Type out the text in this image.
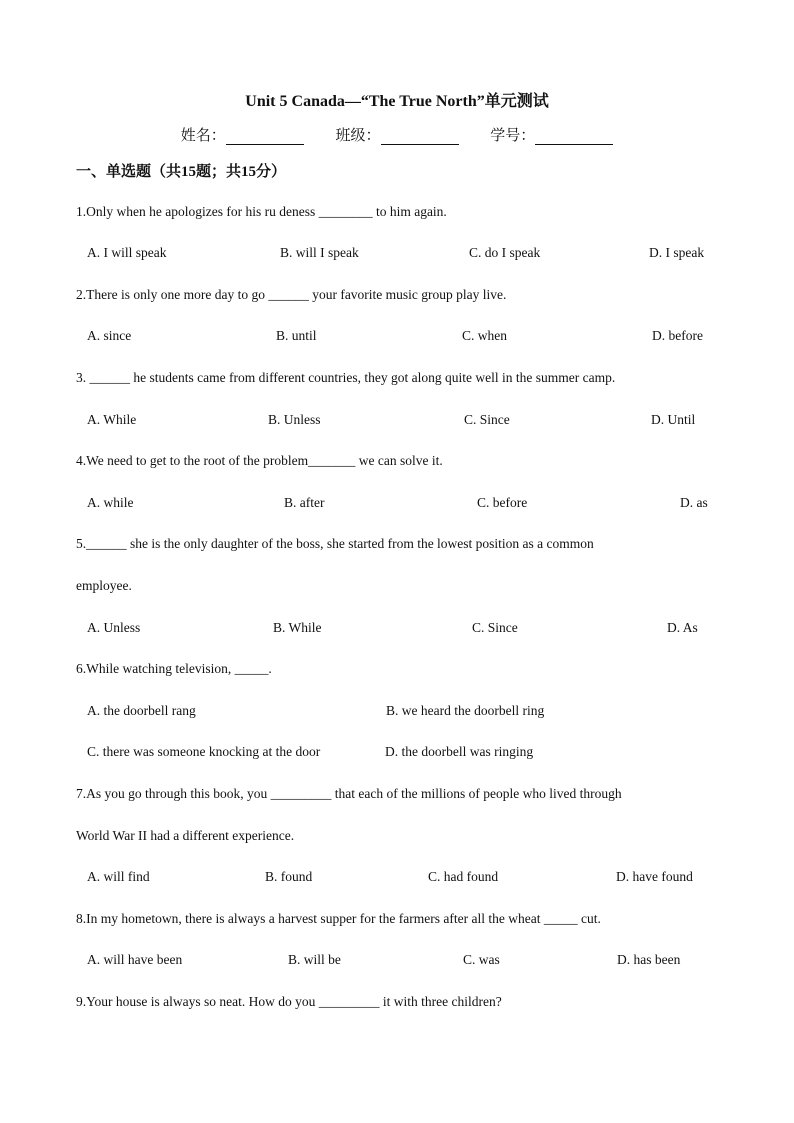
Unit 5 Canada—“The True North”单元测试
姓名：	班级：	学号：
一、单选题（共15题；共15分）
1.Only when he apologizes for his ru deness ________ to him again.
A. I will speak	B. will I speak	C. do I speak	D. I speak
2.There is only one more day to go ______ your favorite music group play live.
A. since	B. until	C. when	D. before
3. ______ he students came from different countries, they got along quite well in the summer camp.
A. While	B. Unless	C. Since	D. Until
4.We need to get to the root of the problem_______ we can solve it.
A. while	B. after	C. before	D. as
5.______ she is the only daughter of the boss, she started from the lowest position as a common
employee.
A. Unless	B. While	C. Since	D. As
6.While watching television, _____.
A. the doorbell rang	B. we heard the doorbell ring
C. there was someone knocking at the door	D. the doorbell was ringing
7.As you go through this book, you _________ that each of the millions of people who lived through
World War II had a different experience.
A. will find	B. found	C. had found	D. have found
8.In my hometown, there is always a harvest supper for the farmers after all the wheat _____ cut.
A. will have been	B. will be	C. was	D. has been
9.Your house is always so neat. How do you _________ it with three children?
